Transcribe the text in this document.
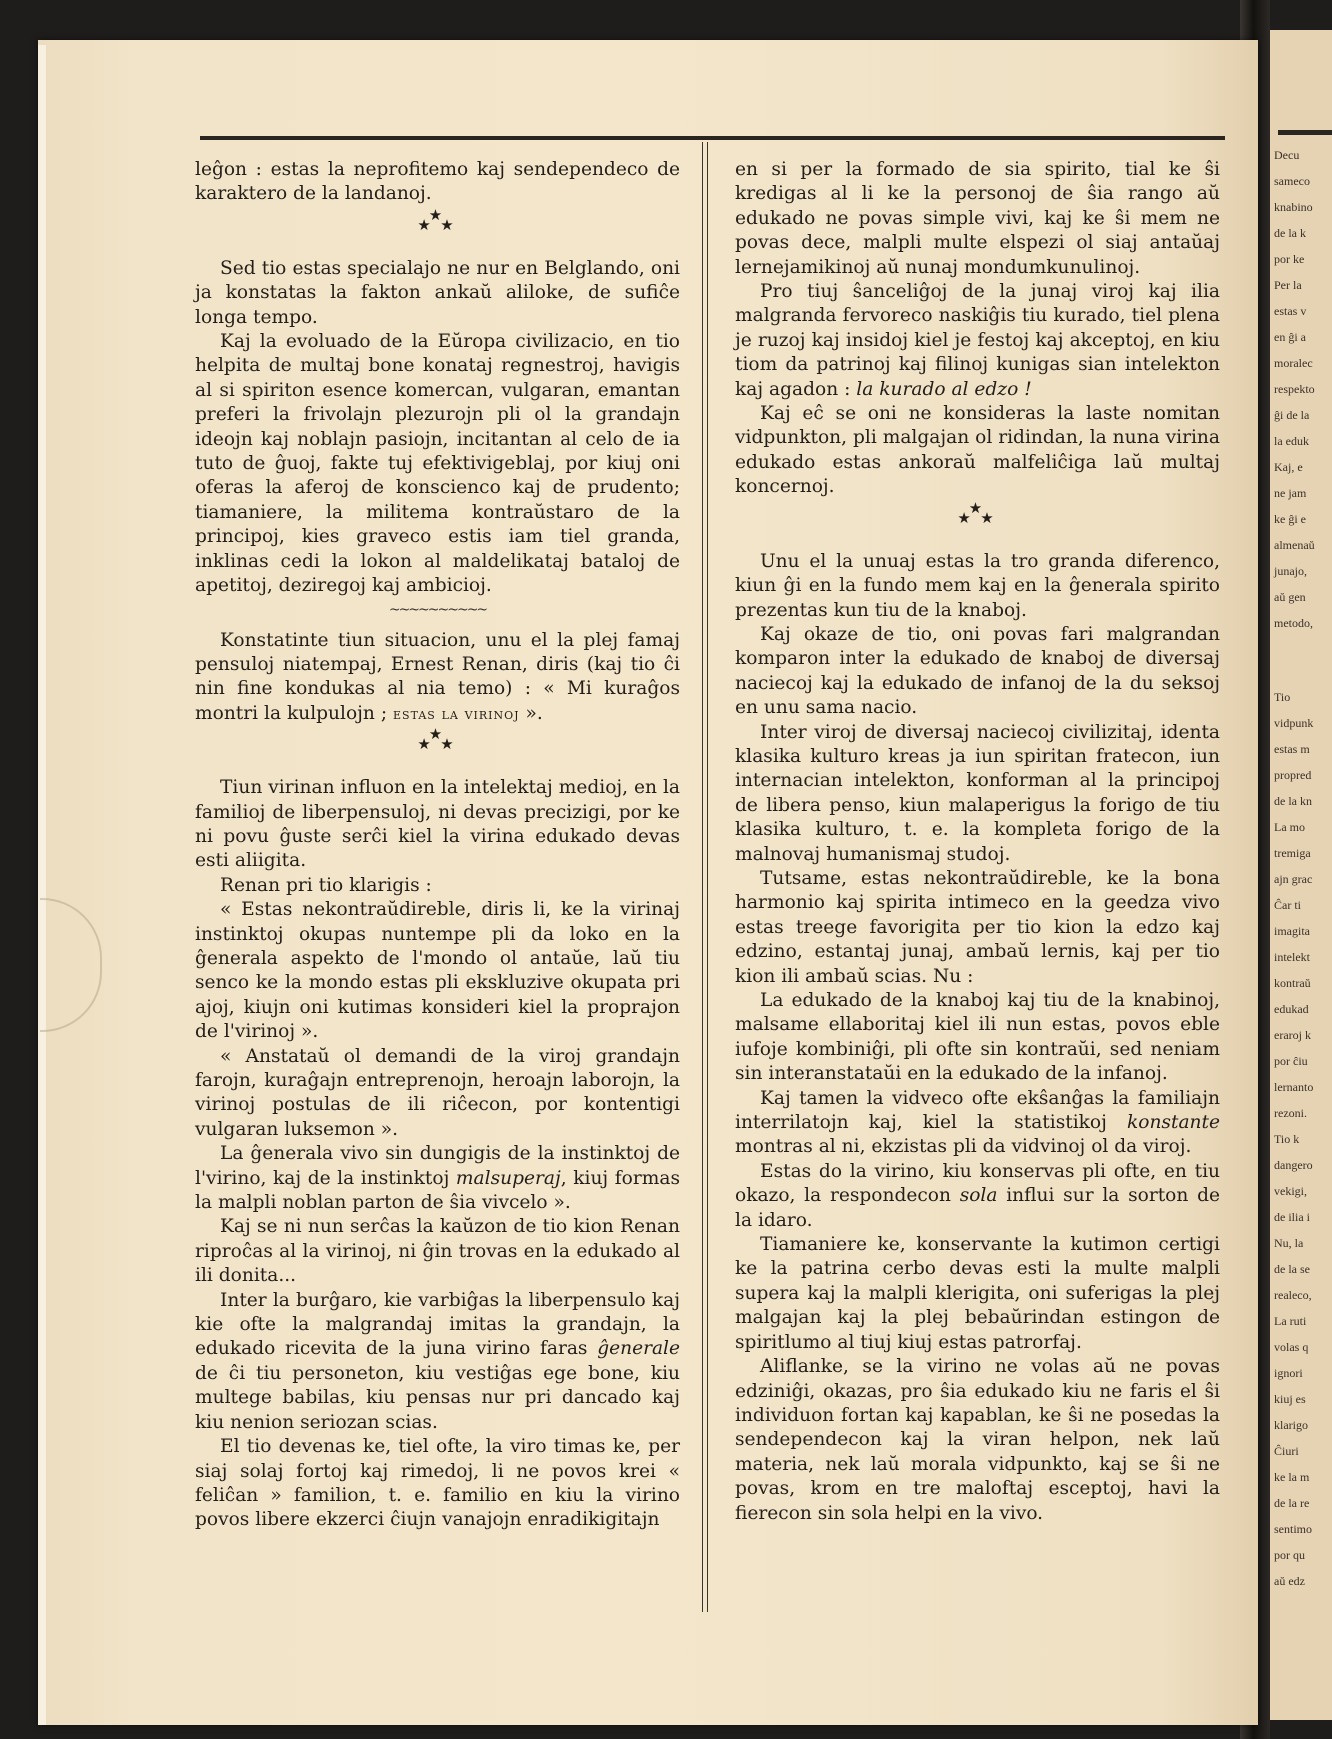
Decu
sameco
knabino
de la k
por ke
Per la
estas v
en ĝi a
moralec
respekto
ĝi de la
la eduk
Kaj, e
ne jam
ke ĝi e
almenaŭ
junajo,
aŭ gen
metodo,
Tio
vidpunk
estas m
propred
de la kn
La mo
tremiga
ajn grac
Ĉar ti
imagita
intelekt
kontraŭ
edukad
eraroj k
por ĉiu
lernanto
rezoni.
Tio k
dangero
vekigi,
de ilia i
Nu, la
de la se
realeco,
La ruti
volas q
ignori
kiuj es
klarigo
Ĉiuri
ke la m
de la re
sentimo
por qu
aŭ edz

leĝon : estas la neprofitemo kaj sendependeco de karaktero de la landanoj.

★★★

Sed tio estas specialajo ne nur en Belglando, oni ja konstatas la fakton ankaŭ aliloke, de sufiĉe longa tempo.

Kaj la evoluado de la Eŭropa civilizacio, en tio helpita de multaj bone konataj regnestroj, havigis al si spiriton esence komercan, vulgaran, emantan preferi la frivolajn plezurojn pli ol la grandajn ideojn kaj noblajn pasiojn, incitantan al celo de ia tuto de ĝuoj, fakte tuj efektivigeblaj, por kiuj oni oferas la aferoj de konscienco kaj de prudento; tiamaniere, la militema kontraŭstaro de la principoj, kies graveco estis iam tiel granda, inklinas cedi la lokon al maldelikataj bataloj de apetitoj, deziregoj kaj ambicioj.

~~~~~~~~~~

Konstatinte tiun situacion, unu el la plej famaj pensuloj niatempaj, Ernest Renan, diris (kaj tio ĉi nin fine kondukas al nia temo) : « Mi kuraĝos montri la kulpulojn ; estas la virinoj ».

★★★

Tiun virinan influon en la intelektaj medioj, en la familioj de liberpensuloj, ni devas precizigi, por ke ni povu ĝuste serĉi kiel la virina edukado devas esti aliigita.

Renan pri tio klarigis :

« Estas nekontraŭdireble, diris li, ke la virinaj instinktoj okupas nuntempe pli da loko en la ĝenerala aspekto de l'mondo ol antaŭe, laŭ tiu senco ke la mondo estas pli ekskluzive okupata pri ajoj, kiujn oni kutimas konsideri kiel la proprajon de l'virinoj ».

« Anstataŭ ol demandi de la viroj grandajn farojn, kuraĝajn entreprenojn, heroajn laborojn, la virinoj postulas de ili riĉecon, por kontentigi vulgaran luksemon ».

La ĝenerala vivo sin dungigis de la instinktoj de l'virino, kaj de la instinktoj malsuperaj, kiuj formas la malpli noblan parton de ŝia vivcelo ».

Kaj se ni nun serĉas la kaŭzon de tio kion Renan riproĉas al la virinoj, ni ĝin trovas en la edukado al ili donita...

Inter la burĝaro, kie varbiĝas la liberpensulo kaj kie ofte la malgrandaj imitas la grandajn, la edukado ricevita de la juna virino faras ĝenerale de ĉi tiu personeton, kiu vestiĝas ege bone, kiu multege babilas, kiu pensas nur pri dancado kaj kiu nenion seriozan scias.

El tio devenas ke, tiel ofte, la viro timas ke, per siaj solaj fortoj kaj rimedoj, li ne povos krei « feliĉan » familion, t. e. familio en kiu la virino povos libere ekzerci ĉiujn vanajojn enradikigitajn

en si per la formado de sia spirito, tial ke ŝi kredigas al li ke la personoj de ŝia rango aŭ edukado ne povas simple vivi, kaj ke ŝi mem ne povas dece, malpli multe elspezi ol siaj antaŭaj lernejamikinoj aŭ nunaj mondumkunulinoj.

Pro tiuj ŝanceliĝoj de la junaj viroj kaj ilia malgranda fervoreco naskiĝis tiu kurado, tiel plena je ruzoj kaj insidoj kiel je festoj kaj akceptoj, en kiu tiom da patrinoj kaj filinoj kunigas sian intelekton kaj agadon : la kurado al edzo !

Kaj eĉ se oni ne konsideras la laste nomitan vidpunkton, pli malgajan ol ridindan, la nuna virina edukado estas ankoraŭ malfeliĉiga laŭ multaj koncernoj.

★★★

Unu el la unuaj estas la tro granda diferenco, kiun ĝi en la fundo mem kaj en la ĝenerala spirito prezentas kun tiu de la knaboj.

Kaj okaze de tio, oni povas fari malgrandan komparon inter la edukado de knaboj de diversaj naciecoj kaj la edukado de infanoj de la du seksoj en unu sama nacio.

Inter viroj de diversaj naciecoj civilizitaj, identa klasika kulturo kreas ja iun spiritan fratecon, iun internacian intelekton, konforman al la principoj de libera penso, kiun malaperigus la forigo de tiu klasika kulturo, t. e. la kompleta forigo de la malnovaj humanismaj studoj.

Tutsame, estas nekontraŭdireble, ke la bona harmonio kaj spirita intimeco en la geedza vivo estas treege favorigita per tio kion la edzo kaj edzino, estantaj junaj, ambaŭ lernis, kaj per tio kion ili ambaŭ scias. Nu :

La edukado de la knaboj kaj tiu de la knabinoj, malsame ellaboritaj kiel ili nun estas, povos eble iufoje kombiniĝi, pli ofte sin kontraŭi, sed neniam sin interanstataŭi en la edukado de la infanoj.

Kaj tamen la vidveco ofte ekŝanĝas la familiajn interrilatojn kaj, kiel la statistikoj konstante montras al ni, ekzistas pli da vidvinoj ol da viroj.

Estas do la virino, kiu konservas pli ofte, en tiu okazo, la respondecon sola influi sur la sorton de la idaro.

Tiamaniere ke, konservante la kutimon certigi ke la patrina cerbo devas esti la multe malpli supera kaj la malpli klerigita, oni suferigas la plej malgajan kaj la plej bebaŭrindan estingon de spiritlumo al tiuj kiuj estas patrorfaj.

Aliflanke, se la virino ne volas aŭ ne povas edziniĝi, okazas, pro ŝia edukado kiu ne faris el ŝi individuon fortan kaj kapablan, ke ŝi ne posedas la sendependecon kaj la viran helpon, nek laŭ materia, nek laŭ morala vidpunkto, kaj se ŝi ne povas, krom en tre maloftaj esceptoj, havi la fierecon sin sola helpi en la vivo.
